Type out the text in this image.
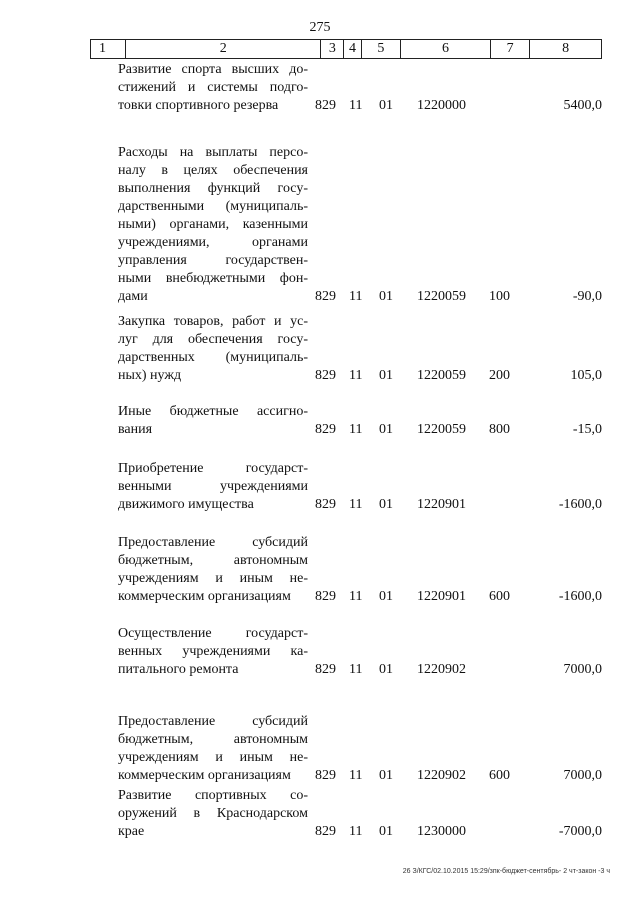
275
1	2	3	4	5	6	7	8
Развитие спорта высших до-
стижений и системы подго-
товки спортивного резерва	829 11 01 1220000	5400,0
Расходы на выплаты персо-
налу в целях обеспечения
выполнения функций госу-
дарственными (муниципаль-
ными) органами, казенными
учреждениями, органами
управления государствен-
ными внебюджетными фон-
дами	829 11 01 1220059 100	-90,0
Закупка товаров, работ и ус-
луг для обеспечения госу-
дарственных (муниципаль-
ных) нужд	829 11 01 1220059 200	105,0
Иные бюджетные ассигно-
вания	829 11 01 1220059 800	-15,0
Приобретение государст-
венными учреждениями
движимого имущества	829 11 01 1220901	-1600,0
Предоставление субсидий
бюджетным, автономным
учреждениям и иным не-
коммерческим организациям	829 11 01 1220901 600	-1600,0
Осуществление государст-
венных учреждениями ка-
питального ремонта	829 11 01 1220902	7000,0
Предоставление субсидий
бюджетным, автономным
учреждениям и иным не-
коммерческим организациям	829 11 01 1220902 600	7000,0
Развитие спортивных со-
оружений в Краснодарском
крае	829 11 01 1230000	-7000,0
26 З/КГС/02.10.2015 15:29/зпк-бюджет-сентябрь- 2 чт-закон -3 ч
